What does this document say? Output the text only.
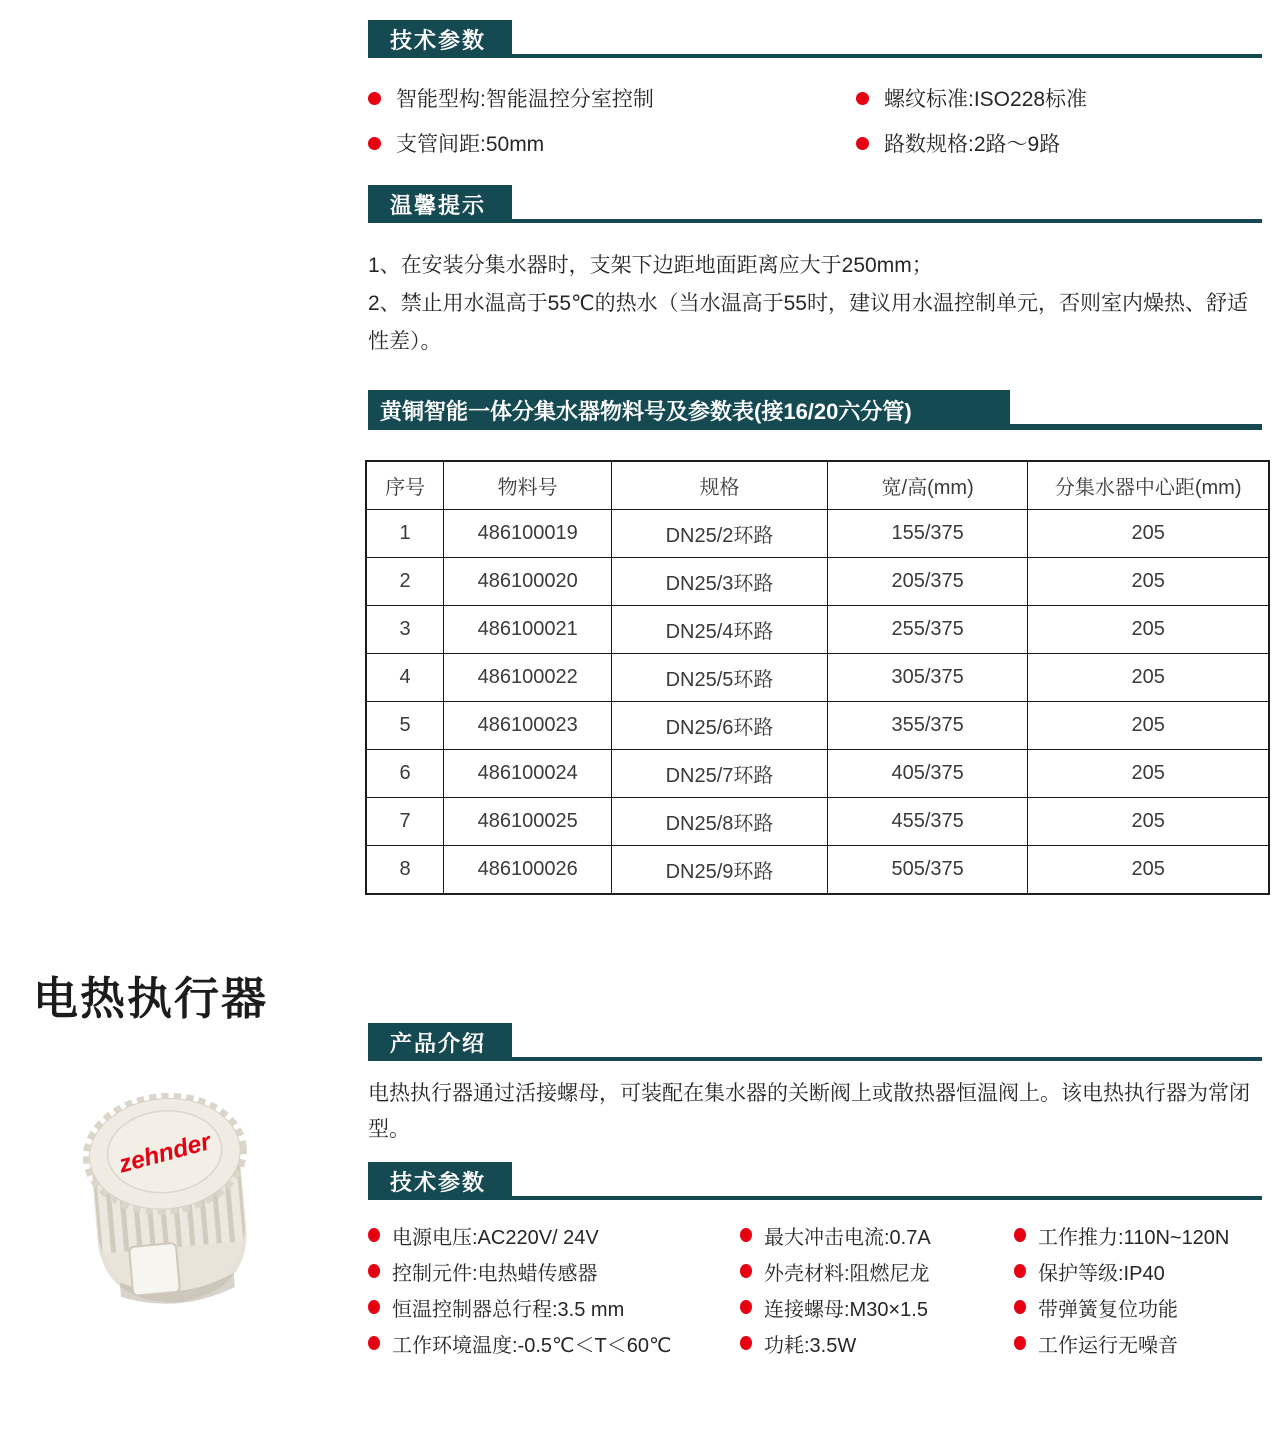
技术参数
智能型构:智能温控分室控制	螺纹标准:ISO228标准
支管间距:50mm	路数规格:2路～9路
温馨提示

1、在安装分集水器时，支架下边距地面距离应大于250mm；

2、禁止用水温高于55℃的热水（当水温高于55时，建议用水温控制单元，否则室内燥热、舒适性差）。

黄铜智能一体分集水器物料号及参数表(接16/20六分管)
序号	物料号	规格	宽/高(mm)	分集水器中心距(mm)
1	486100019	DN25/2环路	155/375	205
2	486100020	DN25/3环路	205/375	205
3	486100021	DN25/4环路	255/375	205
4	486100022	DN25/5环路	305/375	205
5	486100023	DN25/6环路	355/375	205
6	486100024	DN25/7环路	405/375	205
7	486100025	DN25/8环路	455/375	205
8	486100026	DN25/9环路	505/375	205
电热执行器
zehnder
产品介绍
电热执行器通过活接螺母，可装配在集水器的关断阀上或散热器恒温阀上。该电热执行器为常闭型。
技术参数
电源电压:AC220V/ 24V	最大冲击电流:0.7A	工作推力:110N~120N
控制元件:电热蜡传感器	外壳材料:阻燃尼龙	保护等级:IP40
恒温控制器总行程:3.5 mm	连接螺母:M30×1.5	带弹簧复位功能
工作环境温度:-0.5℃＜T＜60℃	功耗:3.5W	工作运行无噪音
